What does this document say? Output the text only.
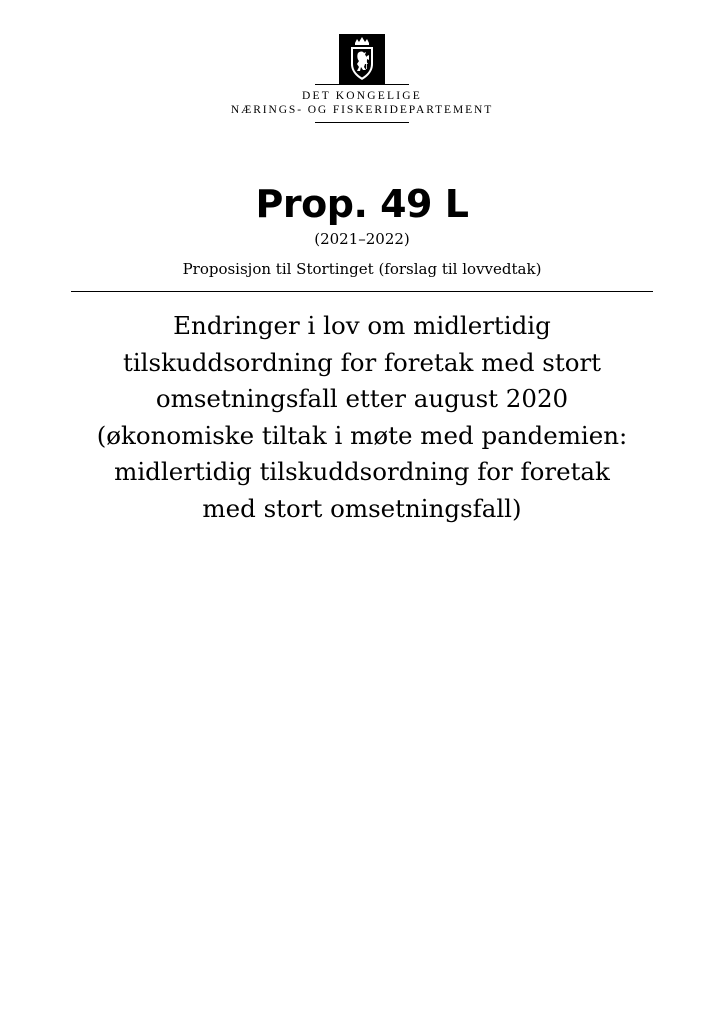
DET KONGELIGE
NÆRINGS- OG FISKERIDEPARTEMENT
Prop. 49 L
(2021–2022)
Proposisjon til Stortinget (forslag til lovvedtak)
Endringer i lov om midlertidig
tilskuddsordning for foretak med stort
omsetningsfall etter august 2020
(økonomiske tiltak i møte med pandemien:
midlertidig tilskuddsordning for foretak
med stort omsetningsfall)
